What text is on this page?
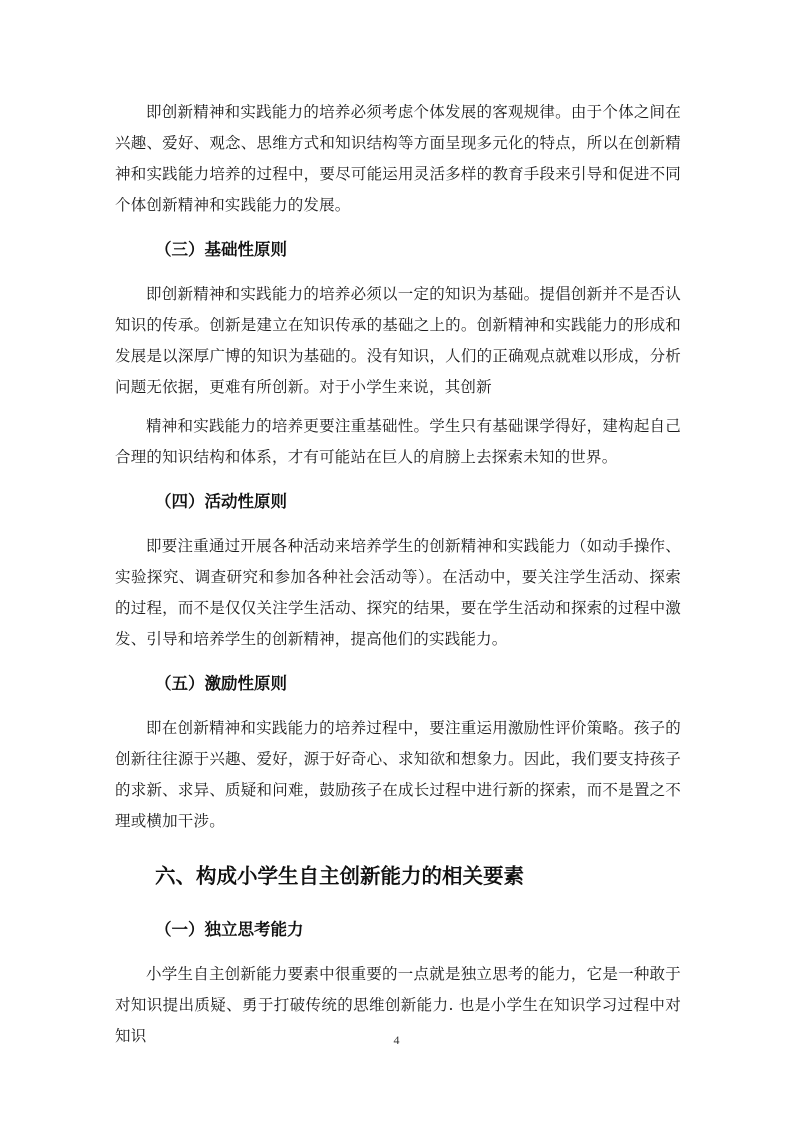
即创新精神和实践能力的培养必须考虑个体发展的客观规律。由于个体之间在兴趣、爱好、观念、思维方式和知识结构等方面呈现多元化的特点，所以在创新精神和实践能力培养的过程中，要尽可能运用灵活多样的教育手段来引导和促进不同个体创新精神和实践能力的发展。

（三）基础性原则

即创新精神和实践能力的培养必须以一定的知识为基础。提倡创新并不是否认知识的传承。创新是建立在知识传承的基础之上的。创新精神和实践能力的形成和发展是以深厚广博的知识为基础的。没有知识，人们的正确观点就难以形成，分析问题无依据，更难有所创新。对于小学生来说，其创新

精神和实践能力的培养更要注重基础性。学生只有基础课学得好，建构起自己合理的知识结构和体系，才有可能站在巨人的肩膀上去探索未知的世界。

（四）活动性原则

即要注重通过开展各种活动来培养学生的创新精神和实践能力（如动手操作、实验探究、调查研究和参加各种社会活动等）。在活动中，要关注学生活动、探索的过程，而不是仅仅关注学生活动、探究的结果，要在学生活动和探索的过程中激发、引导和培养学生的创新精神，提高他们的实践能力。

（五）激励性原则

即在创新精神和实践能力的培养过程中，要注重运用激励性评价策略。孩子的创新往往源于兴趣、爱好，源于好奇心、求知欲和想象力。因此，我们要支持孩子的求新、求异、质疑和问难，鼓励孩子在成长过程中进行新的探索，而不是置之不理或横加干涉。

六、构成小学生自主创新能力的相关要素
（一）独立思考能力

小学生自主创新能力要素中很重要的一点就是独立思考的能力，它是一种敢于对知识提出质疑、勇于打破传统的思维创新能力. 也是小学生在知识学习过程中对知识	4
